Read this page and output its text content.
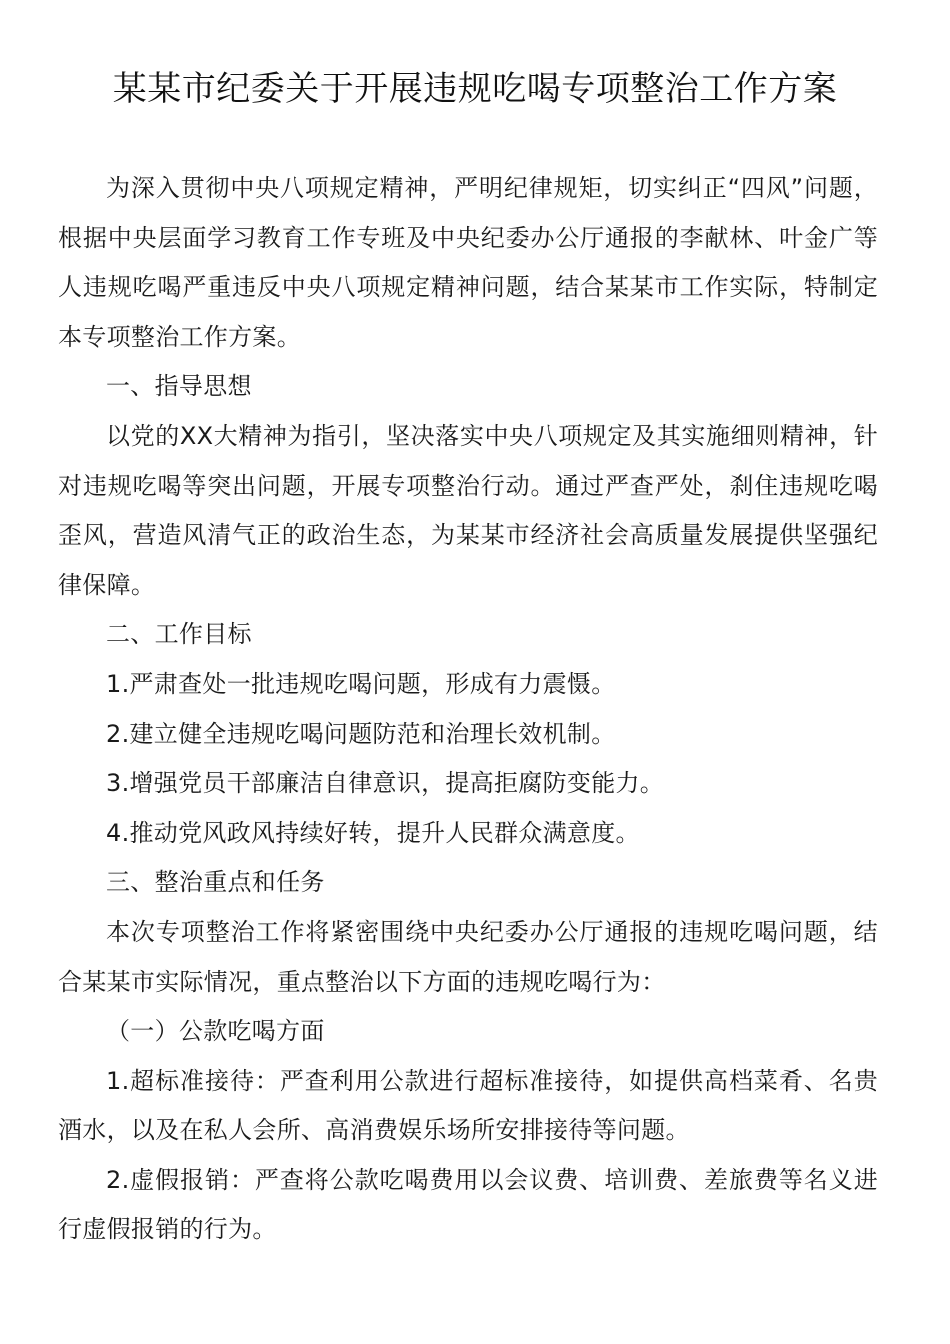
某某市纪委关于开展违规吃喝专项整治工作方案

为深入贯彻中央八项规定精神，严明纪律规矩，切实纠正“四风”问题，根据中央层面学习教育工作专班及中央纪委办公厅通报的李献林、叶金广等人违规吃喝严重违反中央八项规定精神问题，结合某某市工作实际，特制定本专项整治工作方案。

一、指导思想

以党的XX大精神为指引，坚决落实中央八项规定及其实施细则精神，针对违规吃喝等突出问题，开展专项整治行动。通过严查严处，刹住违规吃喝歪风，营造风清气正的政治生态，为某某市经济社会高质量发展提供坚强纪律保障。

二、工作目标

1.严肃查处一批违规吃喝问题，形成有力震慑。

2.建立健全违规吃喝问题防范和治理长效机制。

3.增强党员干部廉洁自律意识，提高拒腐防变能力。

4.推动党风政风持续好转，提升人民群众满意度。

三、整治重点和任务

本次专项整治工作将紧密围绕中央纪委办公厅通报的违规吃喝问题，结合某某市实际情况，重点整治以下方面的违规吃喝行为：

（一）公款吃喝方面

1.超标准接待：严查利用公款进行超标准接待，如提供高档菜肴、名贵酒水，以及在私人会所、高消费娱乐场所安排接待等问题。

2.虚假报销：严查将公款吃喝费用以会议费、培训费、差旅费等名义进行虚假报销的行为。
